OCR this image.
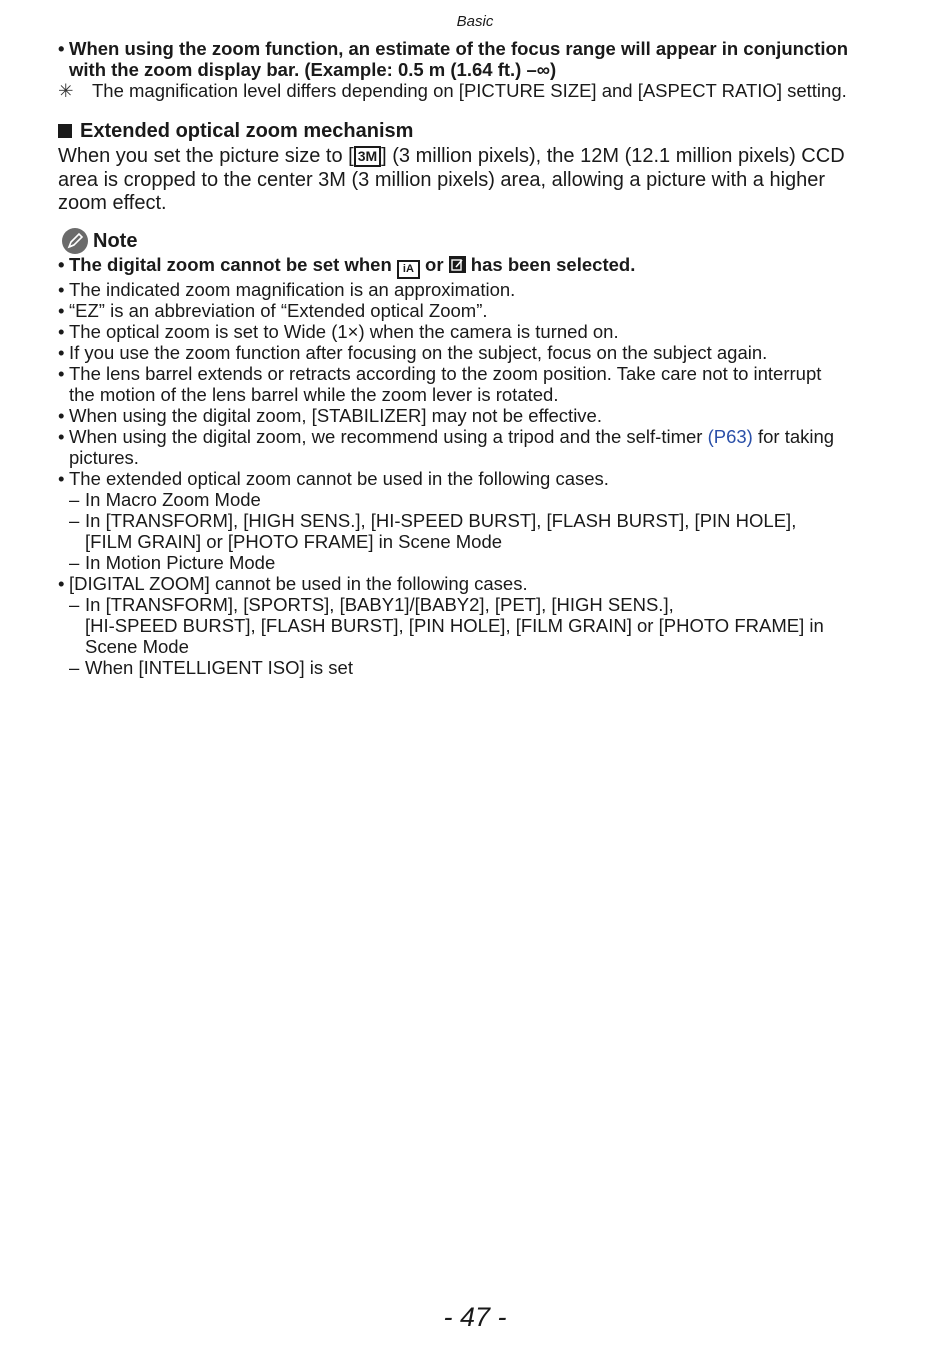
Basic
• When using the zoom function, an estimate of the focus range will appear in conjunction
with the zoom display bar. (Example: 0.5 m (1.64 ft.) –∞)
✳ The magnification level differs depending on [PICTURE SIZE] and [ASPECT RATIO] setting.
Extended optical zoom mechanism
When you set the picture size to [ 3M ] (3 million pixels), the 12M (12.1 million pixels) CCD
area is cropped to the center 3M (3 million pixels) area, allowing a picture with a higher
zoom effect.
Note
• The digital zoom cannot be set when iA or
has been selected.
• The indicated zoom magnification is an approximation.
• “EZ” is an abbreviation of “Extended optical Zoom”.
• The optical zoom is set to Wide (1×) when the camera is turned on.
• If you use the zoom function after focusing on the subject, focus on the subject again.
• The lens barrel extends or retracts according to the zoom position. Take care not to interrupt
the motion of the lens barrel while the zoom lever is rotated.
• When using the digital zoom, [STABILIZER] may not be effective.
• When using the digital zoom, we recommend using a tripod and the self-timer (P63) for taking
pictures.
• The extended optical zoom cannot be used in the following cases.
– In Macro Zoom Mode
– In [TRANSFORM], [HIGH SENS.], [HI-SPEED BURST], [FLASH BURST], [PIN HOLE],
[FILM GRAIN] or [PHOTO FRAME] in Scene Mode
– In Motion Picture Mode
• [DIGITAL ZOOM] cannot be used in the following cases.
– In [TRANSFORM], [SPORTS], [BABY1]/[BABY2], [PET], [HIGH SENS.],
[HI-SPEED BURST], [FLASH BURST], [PIN HOLE], [FILM GRAIN] or [PHOTO FRAME] in
Scene Mode
– When [INTELLIGENT ISO] is set
- 47 -
